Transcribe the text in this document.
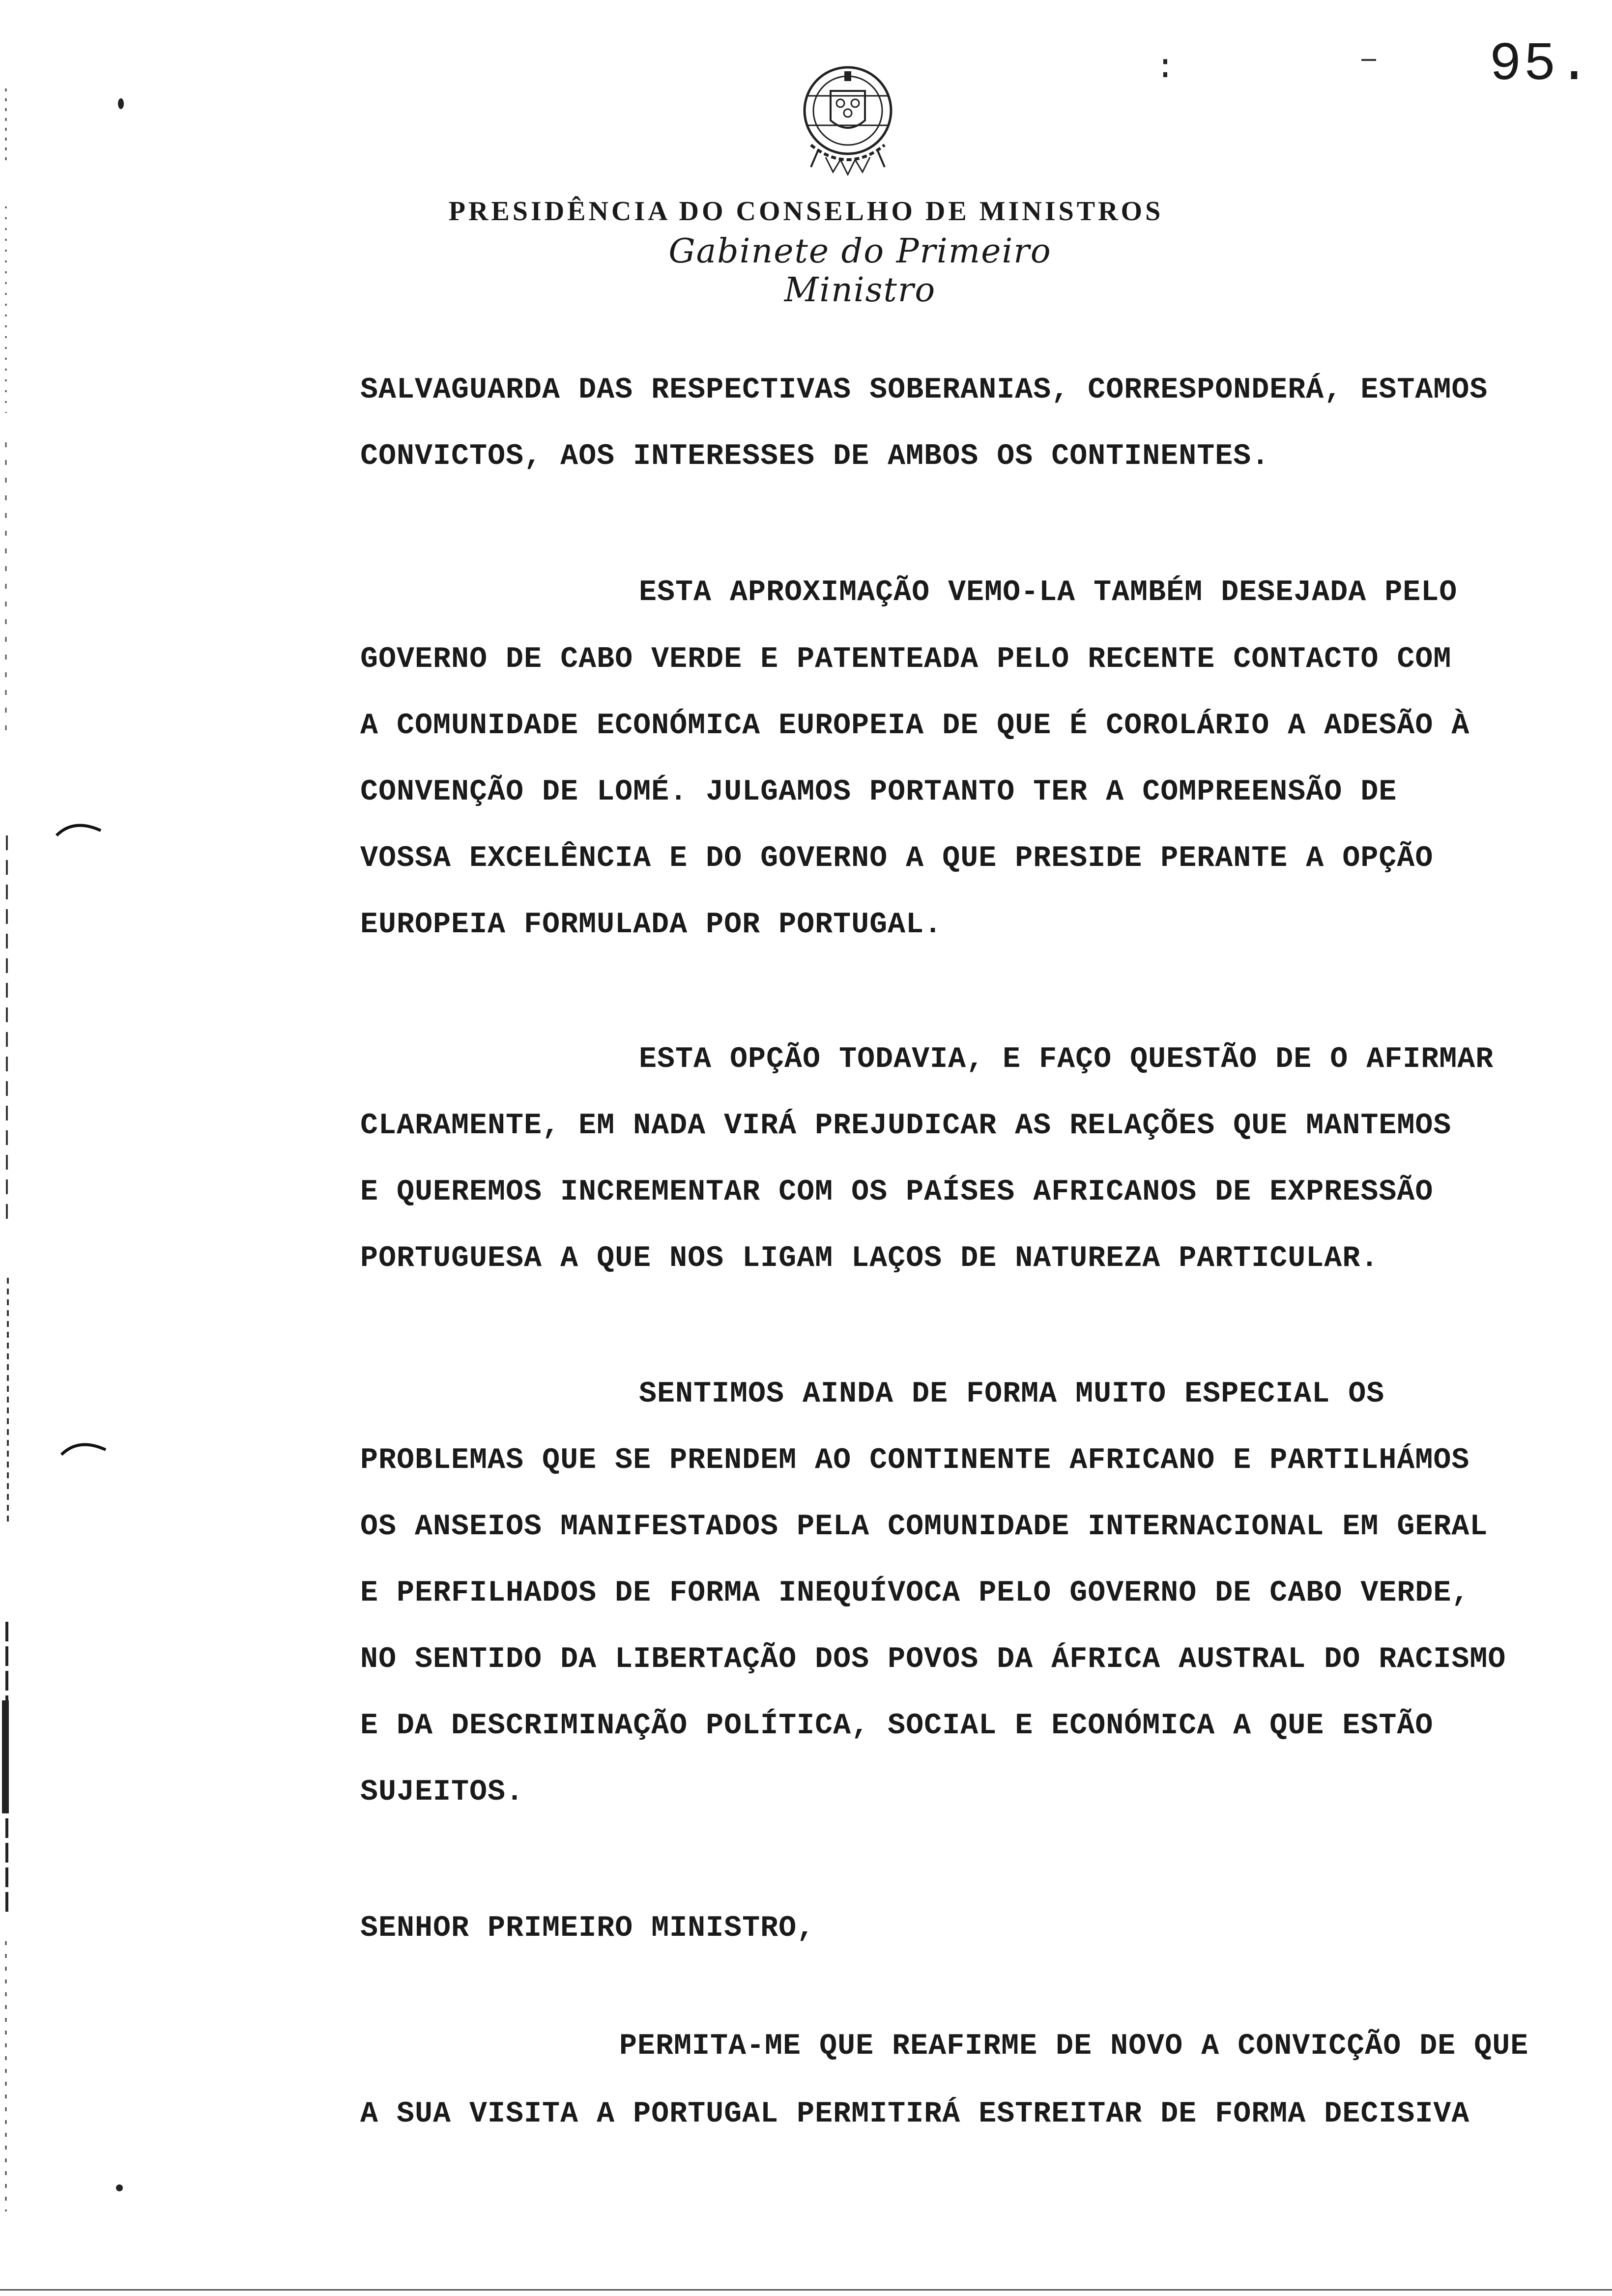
:	95.
PRESIDÊNCIA DO CONSELHO DE MINISTROS
Gabinete do Primeiro Ministro
SALVAGUARDA DAS RESPECTIVAS SOBERANIAS, CORRESPONDERÁ, ESTAMOS
CONVICTOS, AOS INTERESSES DE AMBOS OS CONTINENTES.
ESTA APROXIMAÇÃO VEMO-LA TAMBÉM DESEJADA PELO
GOVERNO DE CABO VERDE E PATENTEADA PELO RECENTE CONTACTO COM
A COMUNIDADE ECONÓMICA EUROPEIA DE QUE É COROLÁRIO A ADESÃO À
CONVENÇÃO DE LOMÉ. JULGAMOS PORTANTO TER A COMPREENSÃO DE
VOSSA EXCELÊNCIA E DO GOVERNO A QUE PRESIDE PERANTE A OPÇÃO
EUROPEIA FORMULADA POR PORTUGAL.
ESTA OPÇÃO TODAVIA, E FAÇO QUESTÃO DE O AFIRMAR
CLARAMENTE, EM NADA VIRÁ PREJUDICAR AS RELAÇÕES QUE MANTEMOS
E QUEREMOS INCREMENTAR COM OS PAÍSES AFRICANOS DE EXPRESSÃO
PORTUGUESA A QUE NOS LIGAM LAÇOS DE NATUREZA PARTICULAR.
SENTIMOS AINDA DE FORMA MUITO ESPECIAL OS
PROBLEMAS QUE SE PRENDEM AO CONTINENTE AFRICANO E PARTILHÁMOS
OS ANSEIOS MANIFESTADOS PELA COMUNIDADE INTERNACIONAL EM GERAL
E PERFILHADOS DE FORMA INEQUÍVOCA PELO GOVERNO DE CABO VERDE,
NO SENTIDO DA LIBERTAÇÃO DOS POVOS DA ÁFRICA AUSTRAL DO RACISMO
E DA DESCRIMINAÇÃO POLÍTICA, SOCIAL E ECONÓMICA A QUE ESTÃO
SUJEITOS.
SENHOR PRIMEIRO MINISTRO,
PERMITA-ME QUE REAFIRME DE NOVO A CONVICÇÃO DE QUE
A SUA VISITA A PORTUGAL PERMITIRÁ ESTREITAR DE FORMA DECISIVA
